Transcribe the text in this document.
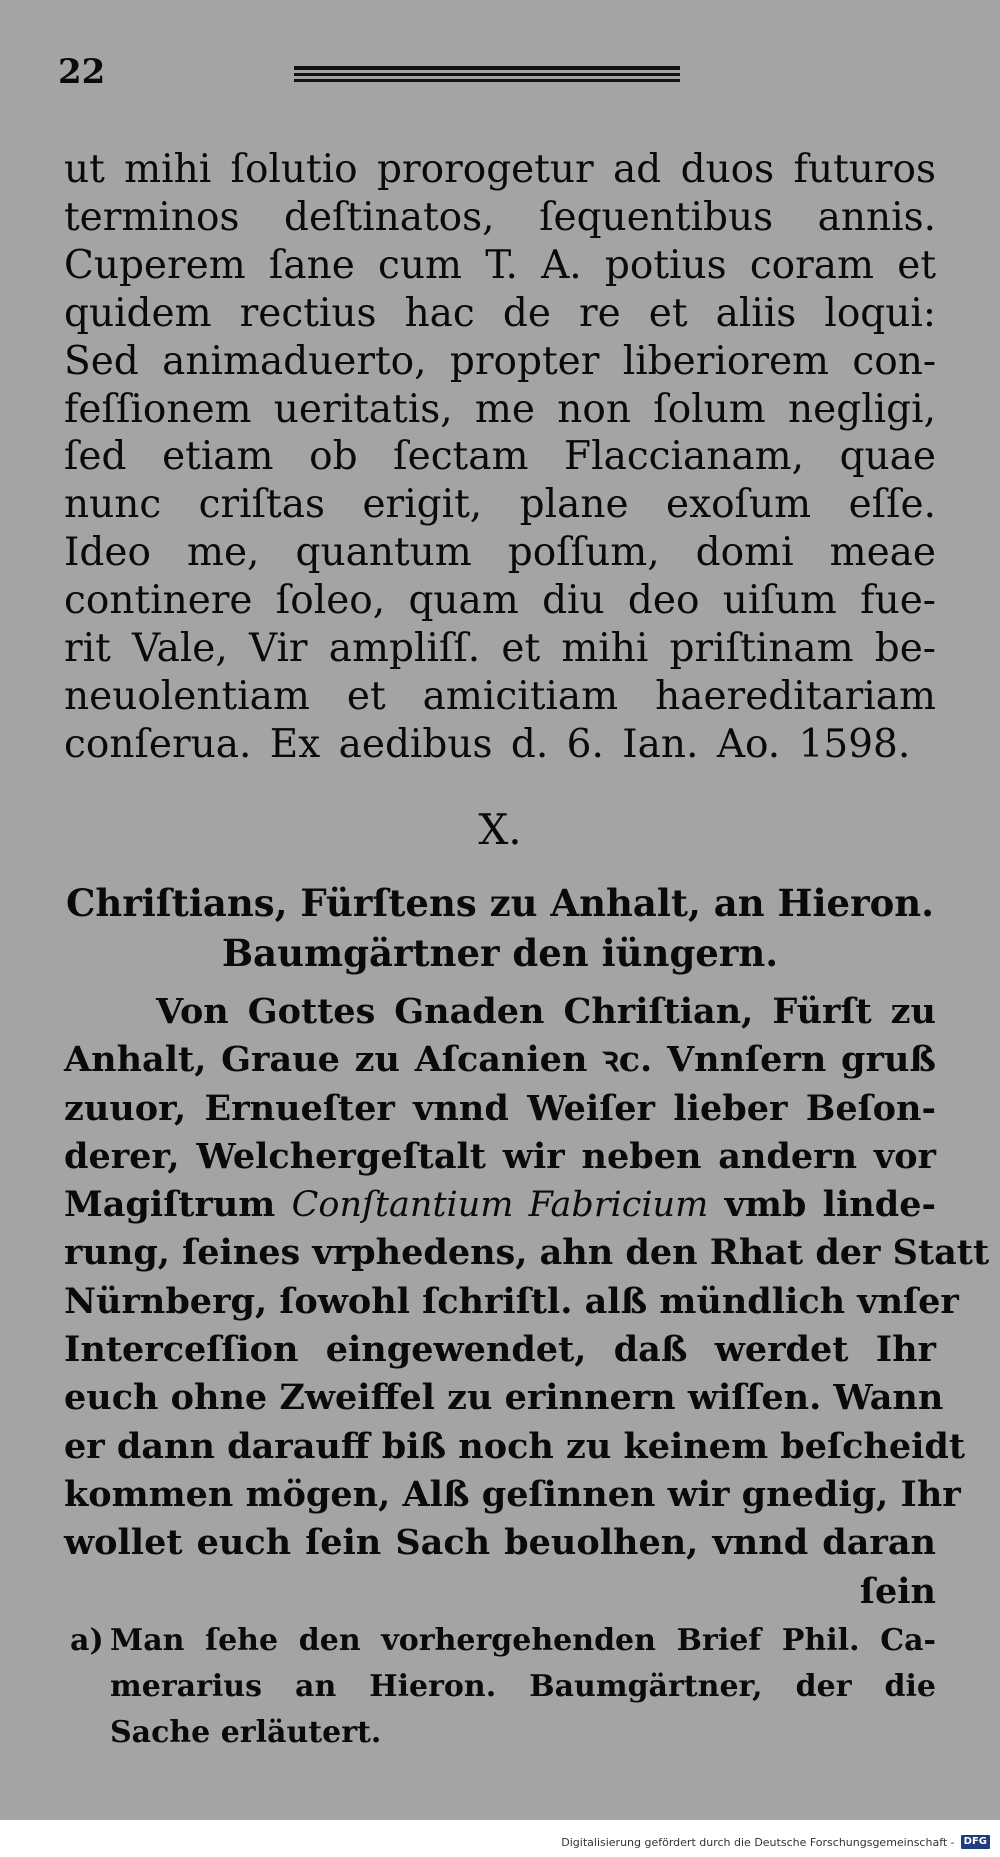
22
ut mihi ſolutio prorogetur ad duos futuros
terminos deſtinatos, ſequentibus annis.
Cuperem ſane cum T. A. potius coram et
quidem rectius hac de re et aliis loqui:
Sed animaduerto, propter liberiorem con-
feſſionem ueritatis, me non ſolum negligi,
ſed etiam ob ſectam Flaccianam, quae
nunc criſtas erigit, plane exoſum eſſe.
Ideo me, quantum poſſum, domi meae
continere ſoleo, quam diu deo uiſum fue-
rit Vale, Vir ampliſſ. et mihi priſtinam be-
neuolentiam et amicitiam haereditariam
conſerua. Ex aedibus d. 6. Ian. Ao. 1598.
X.
Chriſtians, Fürſtens zu Anhalt, an Hieron.
Baumgärtner den iüngern.
Von Gottes Gnaden Chriſtian, Fürſt zu
Anhalt, Graue zu Aſcanien ꝛc. Vnnſern gruß
zuuor, Ernueſter vnnd Weiſer lieber Beſon-
derer, Welchergeſtalt wir neben andern vor
Magiſtrum Conſtantium Fabricium vmb linde-
rung, ſeines vrphedens, ahn den Rhat der Statt
Nürnberg, ſowohl ſchriſtl. alß mündlich vnſer
Interceſſion eingewendet, daß werdet Ihr
euch ohne Zweiffel zu erinnern wiſſen. Wann
er dann darauff biß noch zu keinem beſcheidt
kommen mögen, Alß geſinnen wir gnedig, Ihr
wollet euch ſein Sach beuolhen, vnnd daran
ſein
a) Man ſehe den vorhergehenden Brief Phil. Ca-
merarius an Hieron. Baumgärtner, der die
Sache erläutert.
Digitalisierung gefördert durch die Deutsche Forschungsgemeinschaft - DFG
